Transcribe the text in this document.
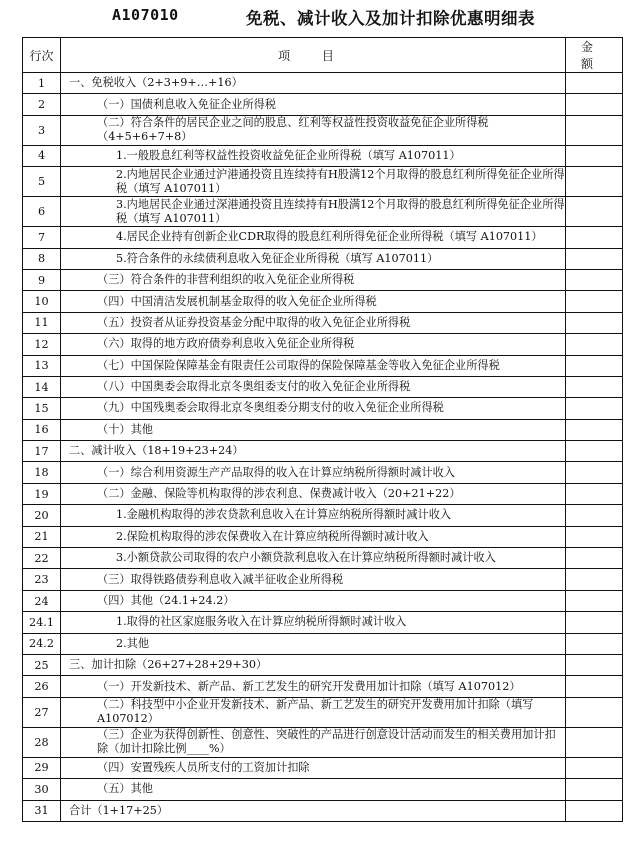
A107010	免税、减计收入及加计扣除优惠明细表
行次	项 目	金 额
1	一、免税收入（2+3+9+…+16）	

2	（一）国债利息收入免征企业所得税	

3	（二）符合条件的居民企业之间的股息、红利等权益性投资收益免征企业所得税（4+5+6+7+8）	

4	1.一般股息红利等权益性投资收益免征企业所得税（填写 A107011）	

5	2.内地居民企业通过沪港通投资且连续持有H股满12个月取得的股息红利所得免征企业所得税（填写 A107011）	

6	3.内地居民企业通过深港通投资且连续持有H股满12个月取得的股息红利所得免征企业所得税（填写 A107011）	

7	4.居民企业持有创新企业CDR取得的股息红利所得免征企业所得税（填写 A107011）	

8	5.符合条件的永续债利息收入免征企业所得税（填写 A107011）	

9	（三）符合条件的非营利组织的收入免征企业所得税	

10	（四）中国清洁发展机制基金取得的收入免征企业所得税	

11	（五）投资者从证券投资基金分配中取得的收入免征企业所得税	

12	（六）取得的地方政府债券利息收入免征企业所得税	

13	（七）中国保险保障基金有限责任公司取得的保险保障基金等收入免征企业所得税	

14	（八）中国奥委会取得北京冬奥组委支付的收入免征企业所得税	

15	（九）中国残奥委会取得北京冬奥组委分期支付的收入免征企业所得税	

16	（十）其他	

17	二、减计收入（18+19+23+24）	

18	（一）综合利用资源生产产品取得的收入在计算应纳税所得额时减计收入	

19	（二）金融、保险等机构取得的涉农利息、保费减计收入（20+21+22）	

20	1.金融机构取得的涉农贷款利息收入在计算应纳税所得额时减计收入	

21	2.保险机构取得的涉农保费收入在计算应纳税所得额时减计收入	

22	3.小额贷款公司取得的农户小额贷款利息收入在计算应纳税所得额时减计收入	

23	（三）取得铁路债券利息收入减半征收企业所得税	

24	（四）其他（24.1+24.2）	

24.1	1.取得的社区家庭服务收入在计算应纳税所得额时减计收入	

24.2	2.其他	

25	三、加计扣除（26+27+28+29+30）	

26	（一）开发新技术、新产品、新工艺发生的研究开发费用加计扣除（填写 A107012）	

27	（二）科技型中小企业开发新技术、新产品、新工艺发生的研究开发费用加计扣除（填写 A107012）	

28	（三）企业为获得创新性、创意性、突破性的产品进行创意设计活动而发生的相关费用加计扣除（加计扣除比例____%）	

29	（四）安置残疾人员所支付的工资加计扣除	

30	（五）其他	

31	合计（1+17+25）	
